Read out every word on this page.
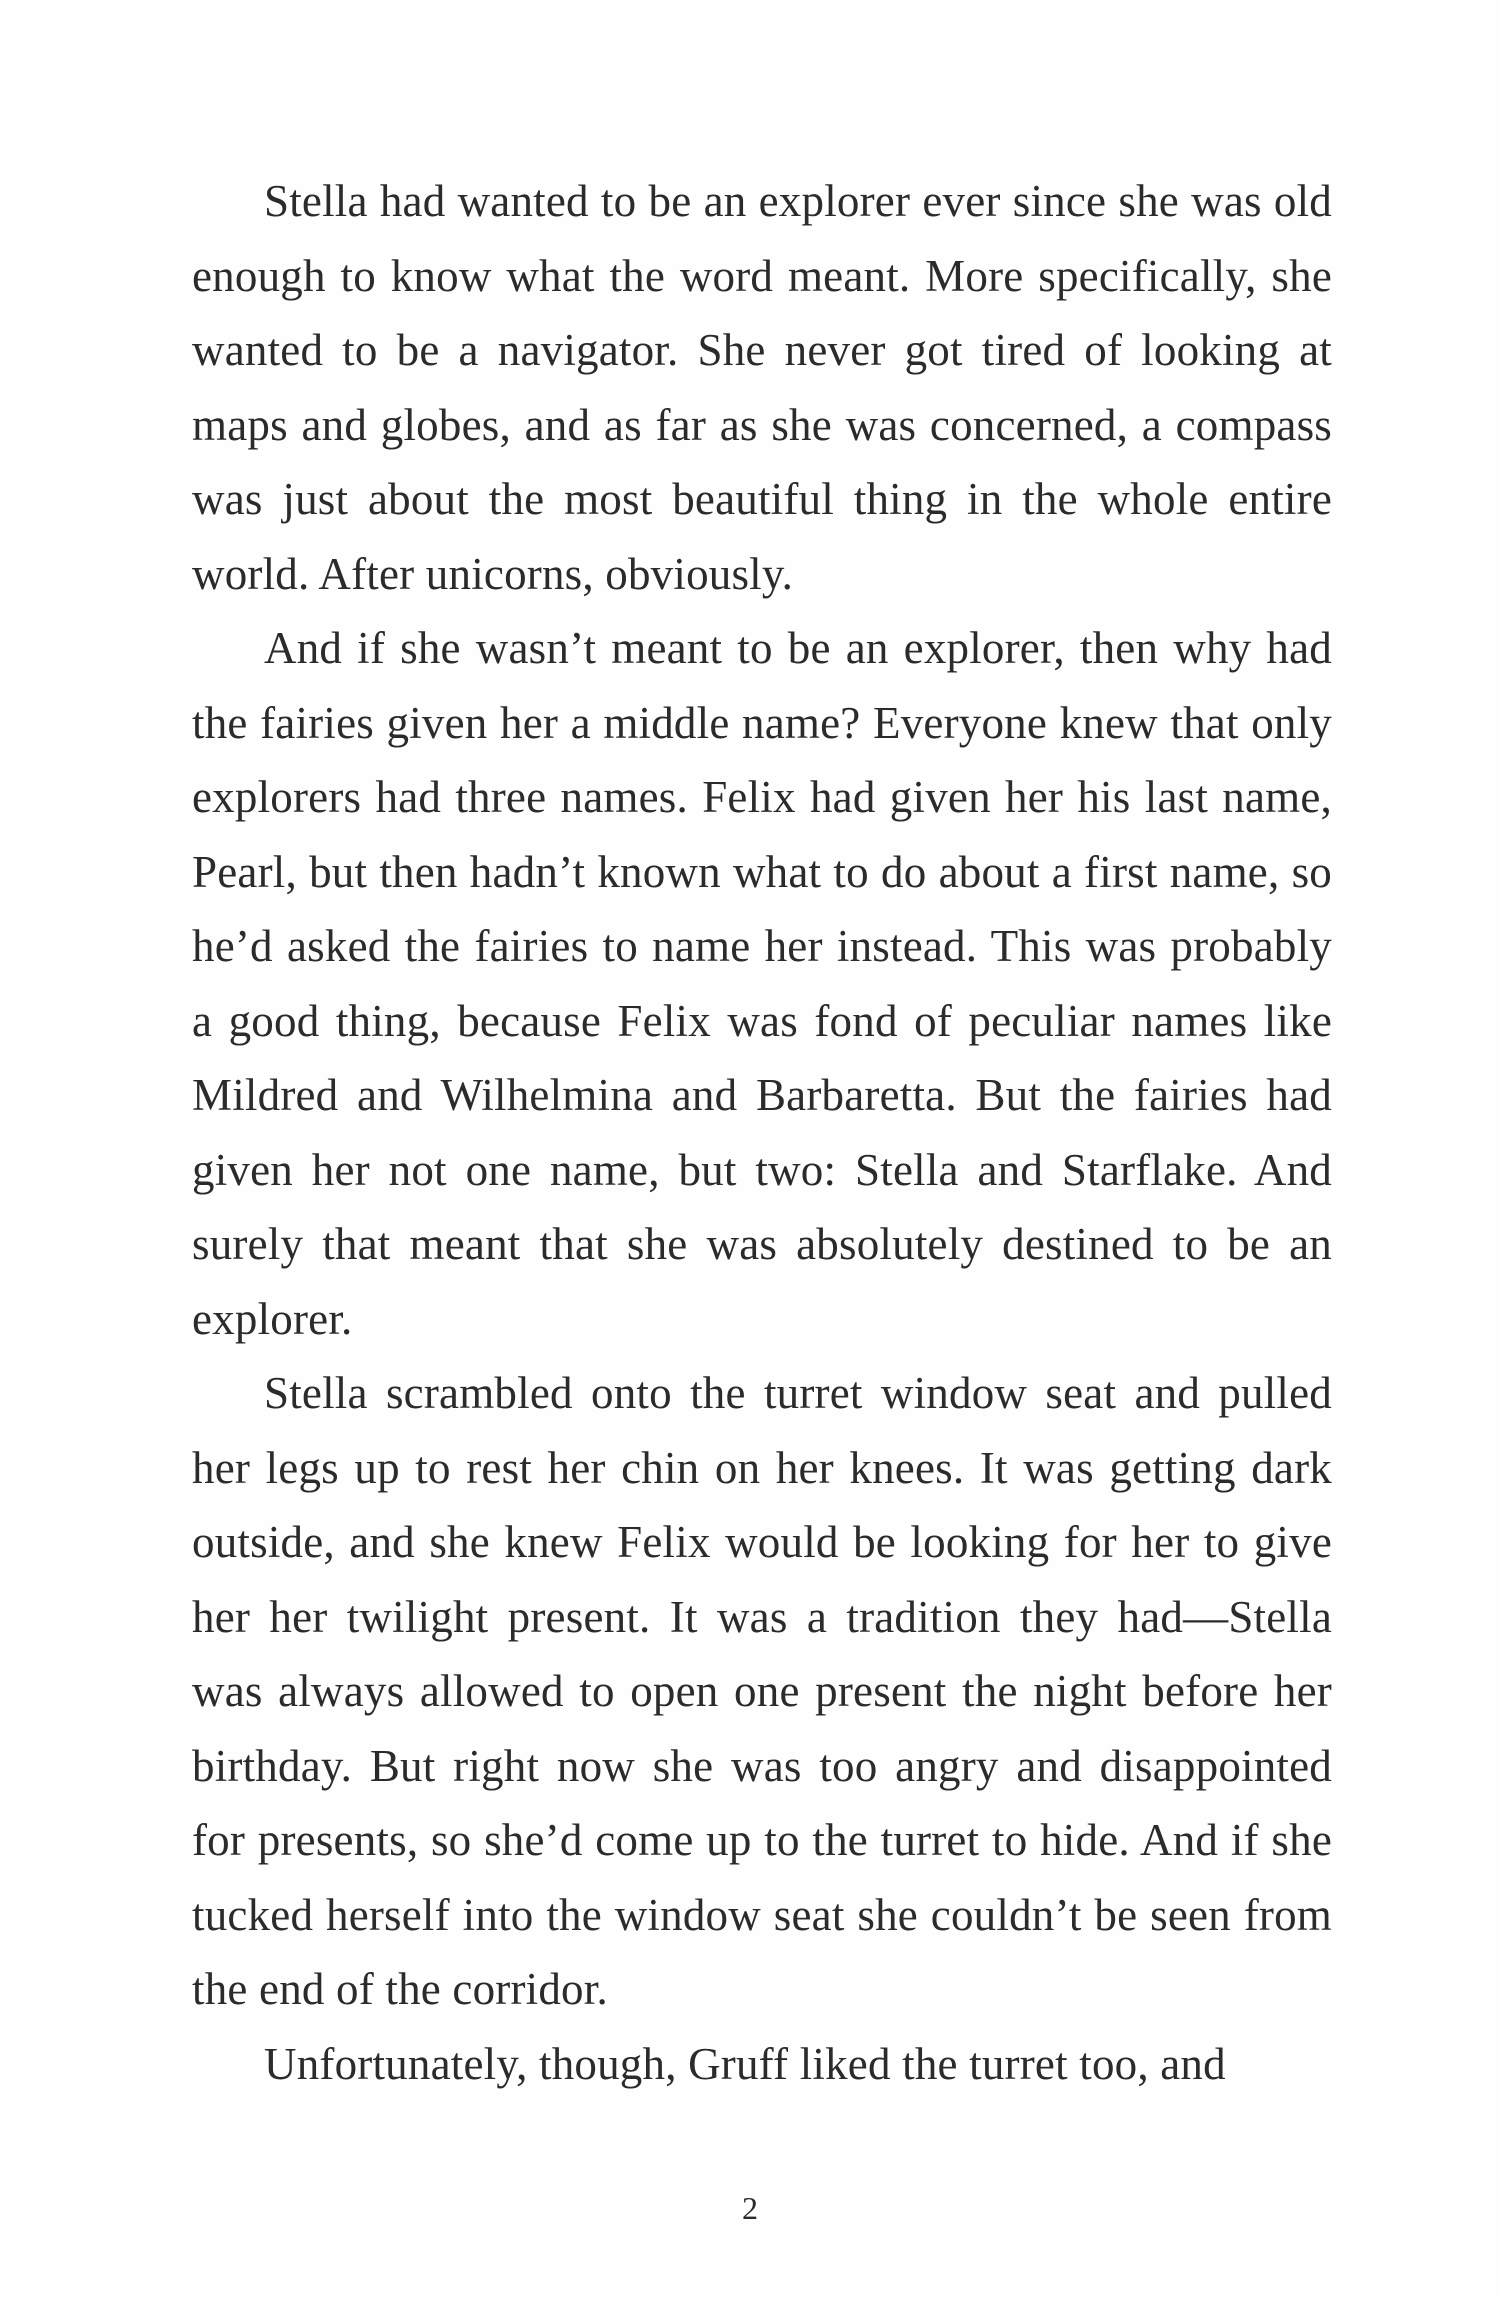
Stella had wanted to be an explorer ever since she was old enough to know what the word meant. More specifically, she wanted to be a navigator. She never got tired of looking at maps and globes, and as far as she was concerned, a compass was just about the most beautiful thing in the whole entire world. After unicorns, obviously.

And if she wasn’t meant to be an explorer, then why had the fairies given her a middle name? Everyone knew that only explorers had three names. Felix had given her his last name, Pearl, but then hadn’t known what to do about a first name, so he’d asked the fairies to name her instead. This was probably a good thing, because Felix was fond of peculiar names like Mildred and Wilhelmina and Barbaretta. But the fairies had given her not one name, but two: Stella and Starflake. And surely that meant that she was absolutely destined to be an explorer.

Stella scrambled onto the turret window seat and pulled her legs up to rest her chin on her knees. It was getting dark outside, and she knew Felix would be looking for her to give her her twilight present. It was a tradition they had—Stella was always allowed to open one present the night before her birthday. But right now she was too angry and disappointed for presents, so she’d come up to the turret to hide. And if she tucked herself into the window seat she couldn’t be seen from the end of the corridor.

Unfortunately, though, Gruff liked the turret too, and

2
